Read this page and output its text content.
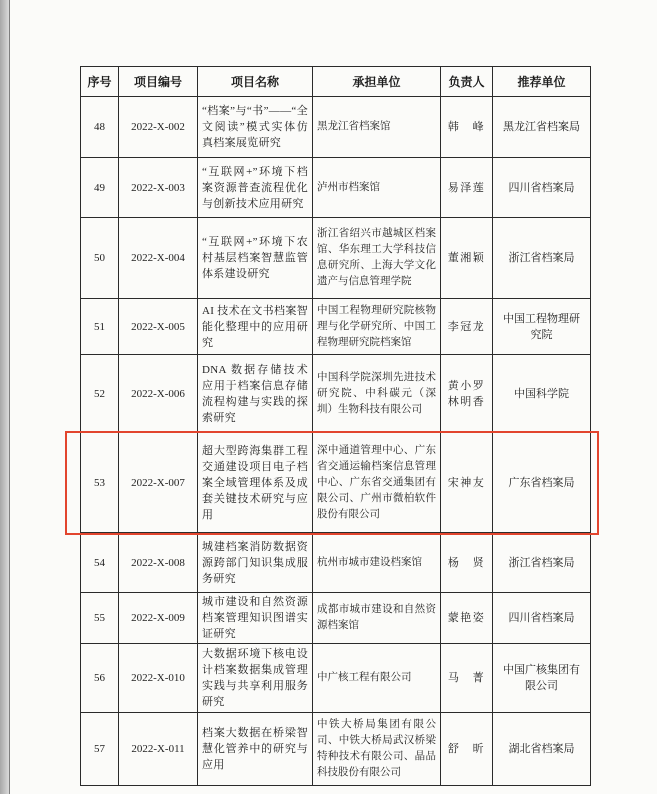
序号	项目编号	项目名称	承担单位	负责人	推荐单位
48	2022-X-002	“档案”与“书”——“全文阅读”模式实体仿真档案展览研究	黑龙江省档案馆	韩 峰	黑龙江省档案局
49	2022-X-003	“互联网+”环境下档案资源普查流程优化与创新技术应用研究	泸州市档案馆	易泽莲	四川省档案局
50	2022-X-004	“互联网+”环境下农村基层档案智慧监管体系建设研究	浙江省绍兴市越城区档案馆、华东理工大学科技信息研究所、上海大学文化遗产与信息管理学院	董湘颖	浙江省档案局
51	2022-X-005	AI 技术在文书档案智能化整理中的应用研究	中国工程物理研究院核物理与化学研究所、中国工程物理研究院档案馆	李冠龙	中国工程物理研究院
52	2022-X-006	DNA 数据存储技术应用于档案信息存储流程构建与实践的探索研究	中国科学院深圳先进技术研究院、中科碳元（深圳）生物科技有限公司	黄小罗 林明香	中国科学院
53	2022-X-007	超大型跨海集群工程交通建设项目电子档案全域管理体系及成套关键技术研究与应用	深中通道管理中心、广东省交通运输档案信息管理中心、广东省交通集团有限公司、广州市微柏软件股份有限公司	宋神友	广东省档案局
54	2022-X-008	城建档案消防数据资源跨部门知识集成服务研究	杭州市城市建设档案馆	杨 贤	浙江省档案局
55	2022-X-009	城市建设和自然资源档案管理知识图谱实证研究	成都市城市建设和自然资源档案馆	蒙艳姿	四川省档案局
56	2022-X-010	大数据环境下核电设计档案数据集成管理实践与共享利用服务研究	中广核工程有限公司	马 菁	中国广核集团有限公司
57	2022-X-011	档案大数据在桥梁智慧化管养中的研究与应用	中铁大桥局集团有限公司、中铁大桥局武汉桥梁特种技术有限公司、晶品科技股份有限公司	舒 昕	湖北省档案局
